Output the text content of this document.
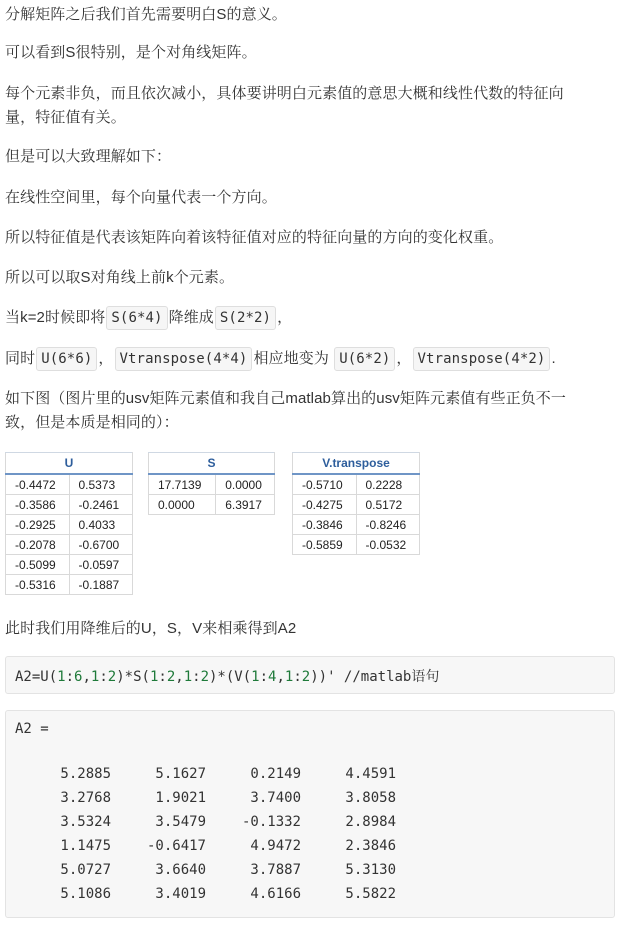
分解矩阵之后我们首先需要明白S的意义。
可以看到S很特别，是个对角线矩阵。
每个元素非负，而且依次减小，具体要讲明白元素值的意思大概和线性代数的特征向
量，特征值有关。
但是可以大致理解如下：
在线性空间里，每个向量代表一个方向。
所以特征值是代表该矩阵向着该特征值对应的特征向量的方向的变化权重。
所以可以取S对角线上前k个元素。
当k=2时候即将 S(6*4) 降维成 S(2*2) ，
同时 U(6*6) ， Vtranspose(4*4) 相应地变为 U(6*2) ， Vtranspose(4*2) .
如下图（图片里的usv矩阵元素值和我自己matlab算出的usv矩阵元素值有些正负不一
致，但是本质是相同的）：
U	
-0.4472	0.5373
-0.3586	-0.2461
-0.2925	0.4033
-0.2078	-0.6700
-0.5099	-0.0597
-0.5316	-0.1887
S	
17.7139	0.0000
0.0000	6.3917
V.transpose	
-0.5710	0.2228
-0.4275	0.5172
-0.3846	-0.8246
-0.5859	-0.0532
此时我们用降维后的U，S，V来相乘得到A2
A2=U(1:6,1:2)*S(1:2,1:2)*(V(1:4,1:2))' //matlab语句
A2 =
5.2885	5.1627	0.2149	4.4591
3.2768	1.9021	3.7400	3.8058
3.5324	3.5479	-0.1332	2.8984
1.1475	-0.6417	4.9472	2.3846
5.0727	3.6640	3.7887	5.3130
5.1086	3.4019	4.6166	5.5822
